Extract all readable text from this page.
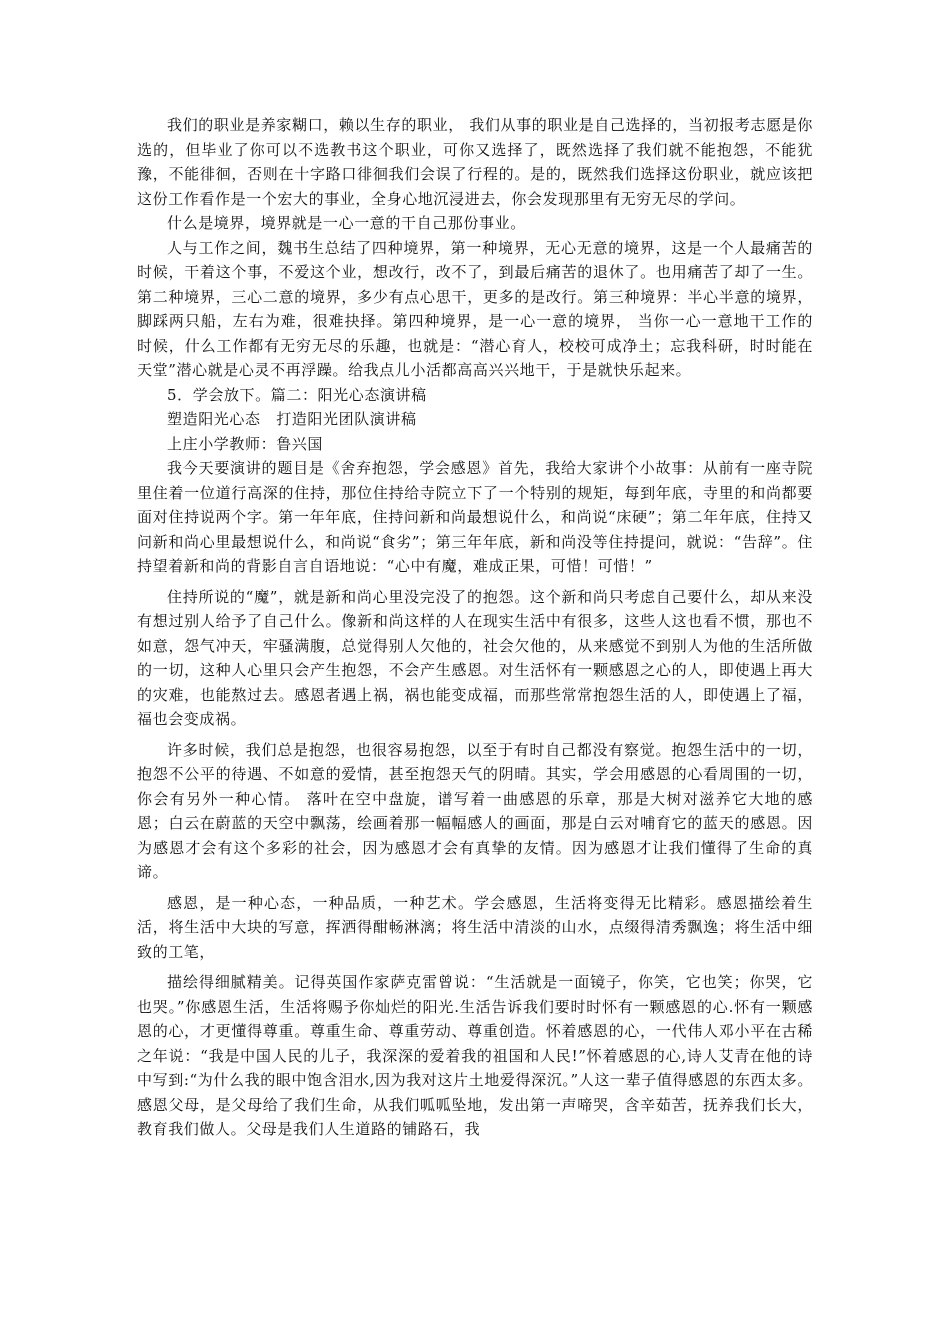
我们的职业是养家糊口，赖以生存的职业， 我们从事的职业是自己选择的，当初报考志愿是你选的，但毕业了你可以不选教书这个职业，可你又选择了，既然选择了我们就不能抱怨，不能犹豫，不能徘徊，否则在十字路口徘徊我们会误了行程的。是的，既然我们选择这份职业，就应该把这份工作看作是一个宏大的事业，全身心地沉浸进去，你会发现那里有无穷无尽的学问。

什么是境界，境界就是一心一意的干自己那份事业。

人与工作之间，魏书生总结了四种境界，第一种境界，无心无意的境界，这是一个人最痛苦的时候，干着这个事，不爱这个业，想改行，改不了，到最后痛苦的退休了。也用痛苦了却了一生。第二种境界，三心二意的境界，多少有点心思干，更多的是改行。第三种境界：半心半意的境界，脚踩两只船，左右为难，很难抉择。第四种境界，是一心一意的境界， 当你一心一意地干工作的时候，什么工作都有无穷无尽的乐趣，也就是：“潜心育人，校校可成净土；忘我科研，时时能在天堂”潜心就是心灵不再浮躁。给我点儿小活都高高兴兴地干，于是就快乐起来。

5．学会放下。篇二：阳光心态演讲稿

塑造阳光心态　打造阳光团队演讲稿

上庄小学教师：鲁兴国

我今天要演讲的题目是《舍弃抱怨，学会感恩》首先，我给大家讲个小故事：从前有一座寺院里住着一位道行高深的住持，那位住持给寺院立下了一个特别的规矩，每到年底，寺里的和尚都要面对住持说两个字。第一年年底，住持问新和尚最想说什么，和尚说“床硬”；第二年年底，住持又问新和尚心里最想说什么，和尚说“食劣”；第三年年底，新和尚没等住持提问，就说：“告辞”。住持望着新和尚的背影自言自语地说：“心中有魔，难成正果，可惜！可惜！”

住持所说的“魔”，就是新和尚心里没完没了的抱怨。这个新和尚只考虑自己要什么，却从来没有想过别人给予了自己什么。像新和尚这样的人在现实生活中有很多，这些人这也看不惯，那也不如意，怨气冲天，牢骚满腹，总觉得别人欠他的，社会欠他的，从来感觉不到别人为他的生活所做的一切，这种人心里只会产生抱怨，不会产生感恩。对生活怀有一颗感恩之心的人，即使遇上再大的灾难，也能熬过去。感恩者遇上祸，祸也能变成福，而那些常常抱怨生活的人，即使遇上了福，福也会变成祸。

许多时候，我们总是抱怨，也很容易抱怨，以至于有时自己都没有察觉。抱怨生活中的一切，抱怨不公平的待遇、不如意的爱情，甚至抱怨天气的阴晴。其实，学会用感恩的心看周围的一切，你会有另外一种心情。 落叶在空中盘旋，谱写着一曲感恩的乐章，那是大树对滋养它大地的感恩；白云在蔚蓝的天空中飘荡，绘画着那一幅幅感人的画面，那是白云对哺育它的蓝天的感恩。因为感恩才会有这个多彩的社会，因为感恩才会有真挚的友情。因为感恩才让我们懂得了生命的真谛。

感恩，是一种心态，一种品质，一种艺术。学会感恩，生活将变得无比精彩。感恩描绘着生活，将生活中大块的写意，挥洒得酣畅淋漓；将生活中清淡的山水，点缀得清秀飘逸；将生活中细致的工笔，

描绘得细腻精美。记得英国作家萨克雷曾说：“生活就是一面镜子，你笑，它也笑；你哭，它也哭。”你感恩生活，生活将赐予你灿烂的阳光.生活告诉我们要时时怀有一颗感恩的心.怀有一颗感恩的心，才更懂得尊重。尊重生命、尊重劳动、尊重创造。怀着感恩的心，一代伟人邓小平在古稀之年说：“我是中国人民的儿子，我深深的爱着我的祖国和人民!”怀着感恩的心,诗人艾青在他的诗中写到:“为什么我的眼中饱含泪水,因为我对这片土地爱得深沉。”人这一辈子值得感恩的东西太多。感恩父母，是父母给了我们生命，从我们呱呱坠地，发出第一声啼哭，含辛茹苦，抚养我们长大，教育我们做人。父母是我们人生道路的铺路石，我
